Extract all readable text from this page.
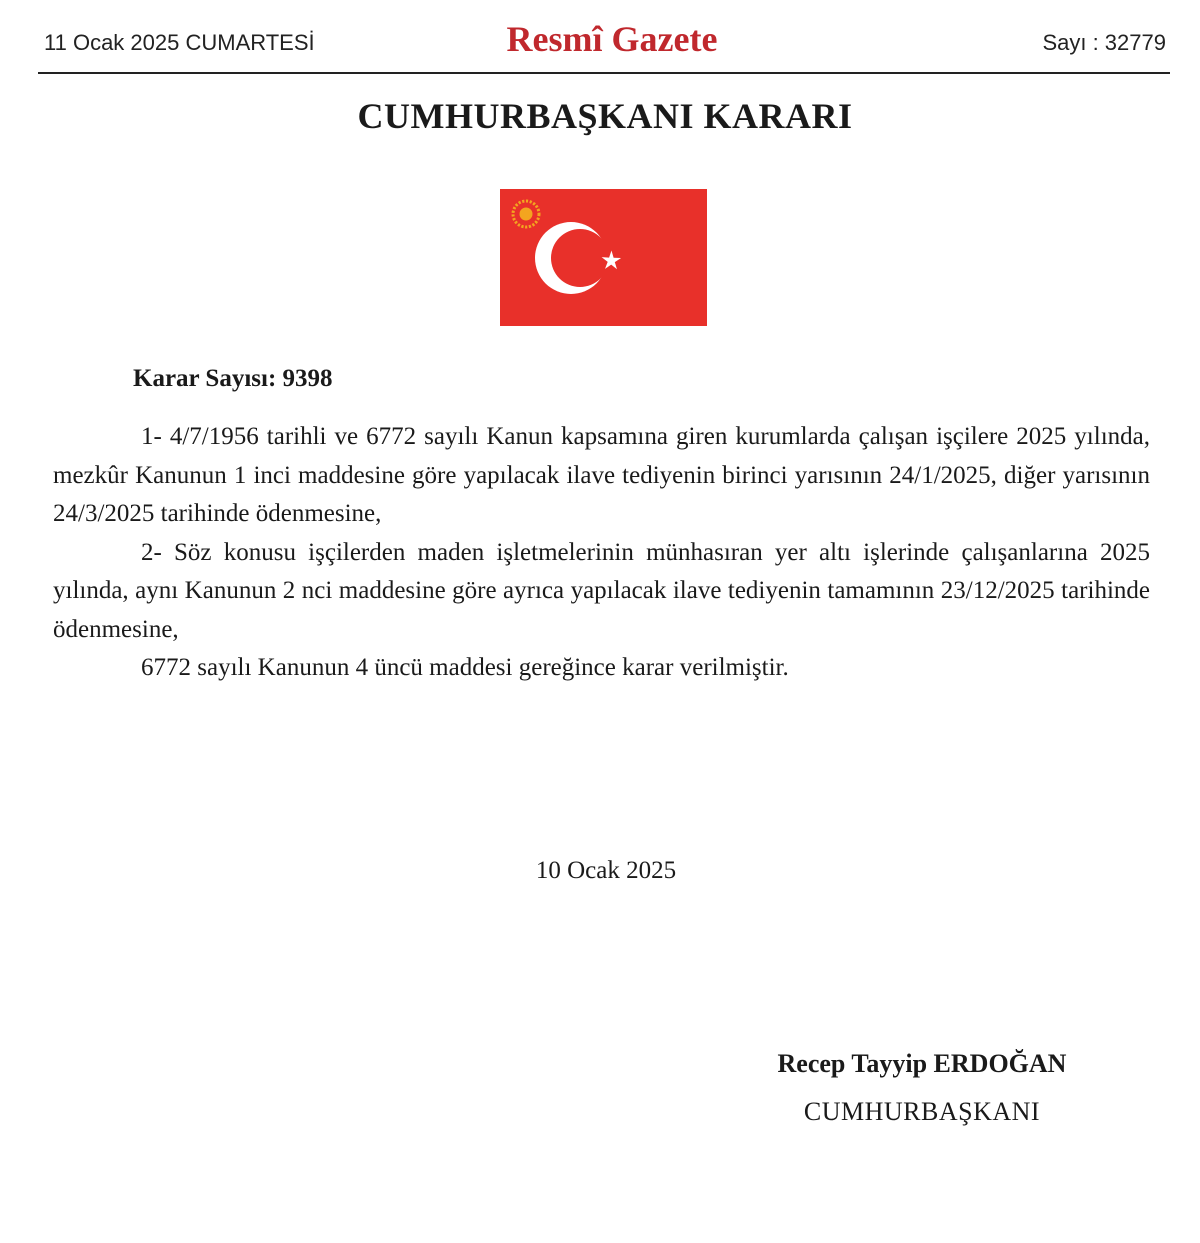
11 Ocak 2025 CUMARTESİ	Resmî Gazete	Sayı : 32779
CUMHURBAŞKANI KARARI
Karar Sayısı: 9398

1- 4/7/1956 tarihli ve 6772 sayılı Kanun kapsamına giren kurumlarda çalışan işçilere 2025 yılında, mezkûr Kanunun 1 inci maddesine göre yapılacak ilave tediyenin birinci yarısının 24/1/2025, diğer yarısının 24/3/2025 tarihinde ödenmesine,

2- Söz konusu işçilerden maden işletmelerinin münhasıran yer altı işlerinde çalışanlarına 2025 yılında, aynı Kanunun 2 nci maddesine göre ayrıca yapılacak ilave tediyenin tamamının 23/12/2025 tarihinde ödenmesine,

6772 sayılı Kanunun 4 üncü maddesi gereğince karar verilmiştir.

10 Ocak 2025
Recep Tayyip ERDOĞAN
CUMHURBAŞKANI
